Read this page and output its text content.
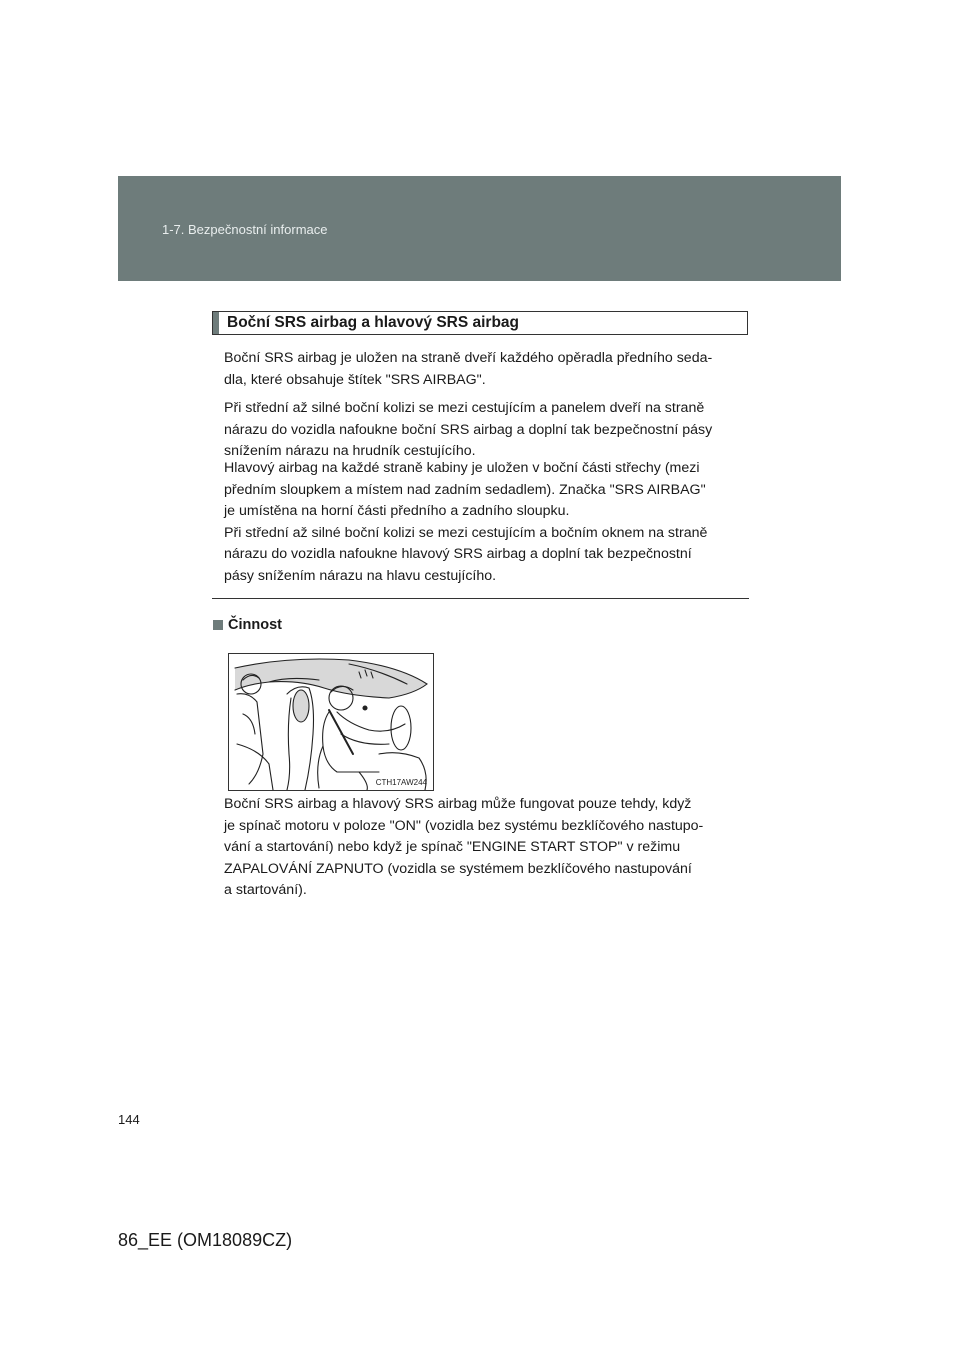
1-7. Bezpečnostní informace
Boční SRS airbag a hlavový SRS airbag

Boční SRS airbag je uložen na straně dveří každého opěradla předního seda-
dla, které obsahuje štítek "SRS AIRBAG".

Při střední až silné boční kolizi se mezi cestujícím a panelem dveří na straně
nárazu do vozidla nafoukne boční SRS airbag a doplní tak bezpečnostní pásy
snížením nárazu na hrudník cestujícího.

Hlavový airbag na každé straně kabiny je uložen v boční části střechy (mezi
předním sloupkem a místem nad zadním sedadlem). Značka "SRS AIRBAG"
je umístěna na horní části předního a zadního sloupku.
Při střední až silné boční kolizi se mezi cestujícím a bočním oknem na straně
nárazu do vozidla nafoukne hlavový SRS airbag a doplní tak bezpečnostní
pásy snížením nárazu na hlavu cestujícího.

Činnost
CTH17AW244

Boční SRS airbag a hlavový SRS airbag může fungovat pouze tehdy, když
je spínač motoru v poloze "ON" (vozidla bez systému bezklíčového nastupo-
vání a startování) nebo když je spínač "ENGINE START STOP" v režimu
ZAPALOVÁNÍ ZAPNUTO (vozidla se systémem bezklíčového nastupování
a startování).

144
86_EE (OM18089CZ)
